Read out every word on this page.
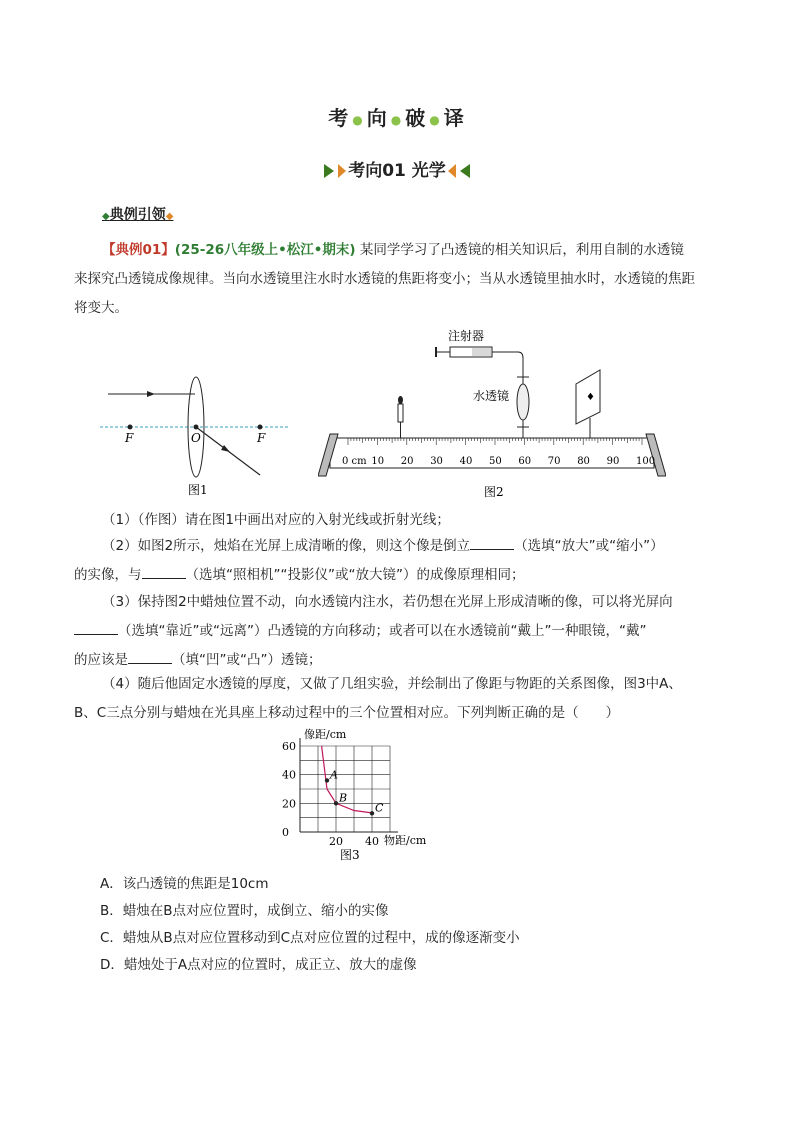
考 ● 向 ● 破 ● 译
考向01 光学
◆典例引领◆
【典例01】(25-26八年级上•松江•期末) 某同学学习了凸透镜的相关知识后，利用自制的水透镜
来探究凸透镜成像规律。当向水透镜里注水时水透镜的焦距将变小；当从水透镜里抽水时，水透镜的焦距
将变大。
F	O	F
图1
注射器
水透镜	♦
0 cm 10 20 30 40 50 60 70 80 90 100
图2
（1）（作图）请在图1中画出对应的入射光线或折射光线；
（2）如图2所示，烛焰在光屏上成清晰的像，则这个像是倒立	（选填“放大”或“缩小”）
的实像，与	（选填“照相机”“投影仪”或“放大镜”）的成像原理相同；
（3）保持图2中蜡烛位置不动，向水透镜内注水，若仍想在光屏上形成清晰的像，可以将光屏向
（选填“靠近”或“远离”）凸透镜的方向移动；或者可以在水透镜前“戴上”一种眼镜，“戴”
的应该是	（填“凹”或“凸”）透镜；
（4）随后他固定水透镜的厚度，又做了几组实验，并绘制出了像距与物距的关系图像，图3中A、
B、C三点分别与蜡烛在光具座上移动过程中的三个位置相对应。下列判断正确的是（　　）
A
B
C
0
20
40
60
20 40
像距/cm
物距/cm
图3
A．该凸透镜的焦距是10cm
B．蜡烛在B点对应位置时，成倒立、缩小的实像
C．蜡烛从B点对应位置移动到C点对应位置的过程中，成的像逐渐变小
D．蜡烛处于A点对应的位置时，成正立、放大的虚像
